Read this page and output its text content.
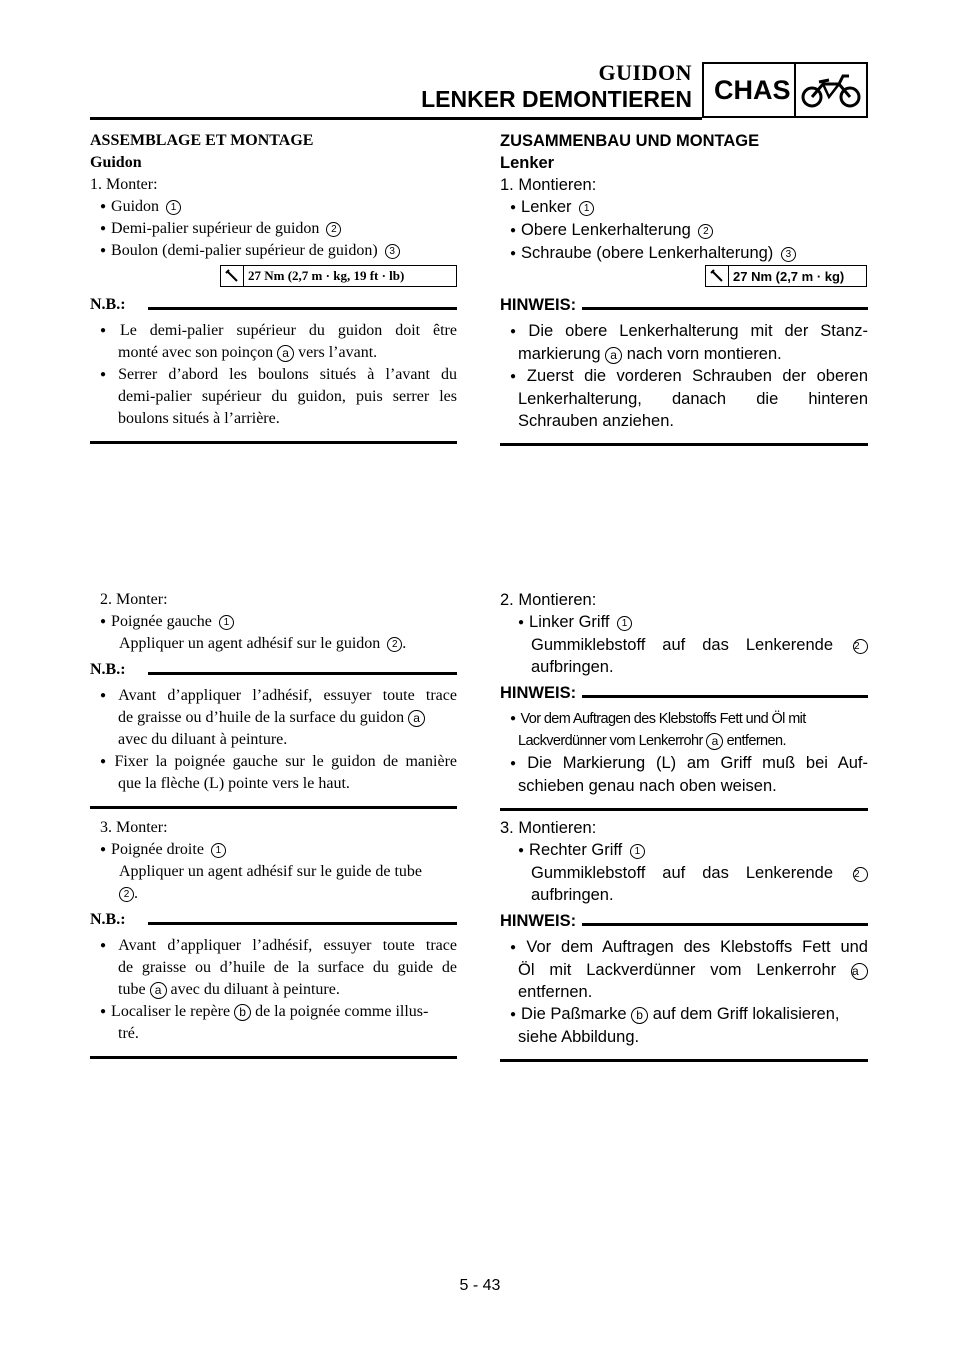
GUIDON
LENKER DEMONTIEREN CHAS
ASSEMBLAGE ET MONTAGE
Guidon
1. Monter:
● Guidon 1
● Demi-palier supérieur de guidon 2
● Boulon (demi-palier supérieur de guidon) 3
27 Nm (2,7 m · kg, 19 ft · lb)
N.B.:
● Le demi-palier supérieur du guidon doit être
monté avec son poinçon a vers l’avant.
● Serrer d’abord les boulons situés à l’avant du
demi-palier supérieur du guidon, puis serrer les
boulons situés à l’arrière.
2. Monter:
● Poignée gauche 1
Appliquer un agent adhésif sur le guidon 2 .
N.B.:
● Avant d’appliquer l’adhésif, essuyer toute trace
de graisse ou d’huile de la surface du guidon a
avec du diluant à peinture.
● Fixer la poignée gauche sur le guidon de manière
que la flèche (L) pointe vers le haut.
3. Monter:
● Poignée droite 1
Appliquer un agent adhésif sur le guide de tube
2 .
N.B.:
● Avant d’appliquer l’adhésif, essuyer toute trace
de graisse ou d’huile de la surface du guide de
tube a avec du diluant à peinture.
● Localiser le repère b de la poignée comme illus-
tré.
ZUSAMMENBAU UND MONTAGE
Lenker
1. Montieren:
● Lenker 1
● Obere Lenkerhalterung 2
● Schraube (obere Lenkerhalterung) 3
27 Nm (2,7 m · kg)
HINWEIS:
● Die obere Lenkerhalterung mit der Stanz-
markierung a nach vorn montieren.
● Zuerst die vorderen Schrauben der oberen
Lenkerhalterung, danach die hinteren
Schrauben anziehen.
2. Montieren:
● Linker Griff 1
Gummiklebstoff auf das Lenkerende 2
aufbringen.
HINWEIS:
● Vor dem Auftragen des Klebstoffs Fett und Öl mit
Lackverdünner vom Lenkerrohr a entfernen.
● Die Markierung (L) am Griff muß bei Auf-
schieben genau nach oben weisen.
3. Montieren:
● Rechter Griff 1
Gummiklebstoff auf das Lenkerende 2
aufbringen.
HINWEIS:
● Vor dem Auftragen des Klebstoffs Fett und
Öl mit Lackverdünner vom Lenkerrohr a
entfernen.
● Die Paßmarke b auf dem Griff lokalisieren,
siehe Abbildung.
5 - 43
